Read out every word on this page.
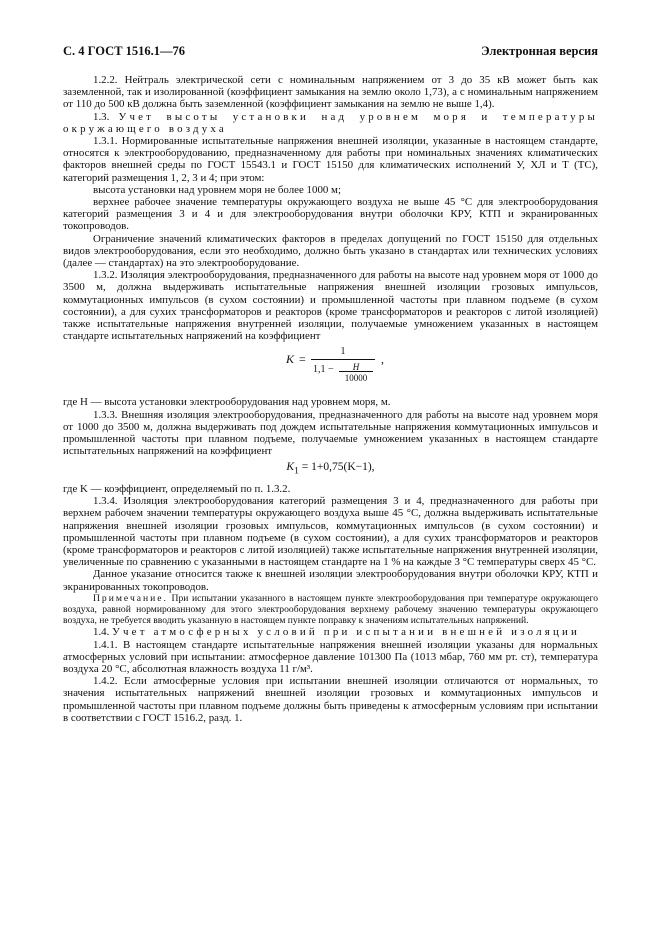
С. 4 ГОСТ 1516.1—76	Электронная версия

1.2.2. Нейтраль электрической сети с номинальным напряжением от 3 до 35 кВ может быть как заземленной, так и изолированной (коэффициент замыкания на землю около 1,73), а с номинальным напряжением от 110 до 500 кВ должна быть заземленной (коэффициент замыкания на землю не выше 1,4).

1.3. Учет высоты установки над уровнем моря и температуры окружающего воздуха

1.3.1. Нормированные испытательные напряжения внешней изоляции, указанные в настоящем стандарте, относятся к электрооборудованию, предназначенному для работы при номинальных значениях климатических факторов внешней среды по ГОСТ 15543.1 и ГОСТ 15150 для климатических исполнений У, ХЛ и Т (ТС), категорий размещения 1, 2, 3 и 4; при этом:

высота установки над уровнем моря не более 1000 м;

верхнее рабочее значение температуры окружающего воздуха не выше 45 °С для электрооборудования категорий размещения 3 и 4 и для электрооборудования внутри оболочки КРУ, КТП и экранированных токопроводов.

Ограничение значений климатических факторов в пределах допущений по ГОСТ 15150 для отдельных видов электрооборудования, если это необходимо, должно быть указано в стандартах или технических условиях (далее — стандартах) на это электрооборудование.

1.3.2. Изоляция электрооборудования, предназначенного для работы на высоте над уровнем моря от 1000 до 3500 м, должна выдерживать испытательные напряжения внешней изоляции грозовых импульсов, коммутационных импульсов (в сухом состоянии) и промышленной частоты при плавном подъеме (в сухом состоянии), а для сухих трансформаторов и реакторов (кроме трансформаторов и реакторов с литой изоляцией) также испытательные напряжения внутренней изоляции, получаемые умножением указанных в настоящем стандарте испытательных напряжений на коэффициент

K =
1
1,1 −	H
10000
,

где H — высота установки электрооборудования над уровнем моря, м.

1.3.3. Внешняя изоляция электрооборудования, предназначенного для работы на высоте над уровнем моря от 1000 до 3500 м, должна выдерживать под дождем испытательные напряжения коммутационных импульсов и промышленной частоты при плавном подъеме, получаемые умножением указанных в настоящем стандарте испытательных напряжений на коэффициент

$K_1 = 1+0,75(K-1)$,

где K — коэффициент, определяемый по п. 1.3.2.

1.3.4. Изоляция электрооборудования категорий размещения 3 и 4, предназначенного для работы при верхнем рабочем значении температуры окружающего воздуха выше 45 °С, должна выдерживать испытательные напряжения внешней изоляции грозовых импульсов, коммутационных импульсов (в сухом состоянии) и промышленной частоты при плавном подъеме (в сухом состоянии), а для сухих трансформаторов и реакторов (кроме трансформаторов и реакторов с литой изоляцией) также испытательные напряжения внутренней изоляции, увеличенные по сравнению с указанными в настоящем стандарте на 1 % на каждые 3 °С температуры сверх 45 °С.

Данное указание относится также к внешней изоляции электрооборудования внутри оболочки КРУ, КТП и экранированных токопроводов.

Примечание. При испытании указанного в настоящем пункте электрооборудования при температуре окружающего воздуха, равной нормированному для этого электрооборудования верхнему рабочему значению температуры окружающего воздуха, не требуется вводить указанную в настоящем пункте поправку к значениям испытательных напряжений.

1.4. Учет атмосферных условий при испытании внешней изоляции

1.4.1. В настоящем стандарте испытательные напряжения внешней изоляции указаны для нормальных атмосферных условий при испытании: атмосферное давление 101300 Па (1013 мбар, 760 мм рт. ст), температура воздуха 20 °С, абсолютная влажность воздуха 11 г/м³.

1.4.2. Если атмосферные условия при испытании внешней изоляции отличаются от нормальных, то значения испытательных напряжений внешней изоляции грозовых и коммутационных импульсов и промышленной частоты при плавном подъеме должны быть приведены к атмосферным условиям при испытании в соответствии с ГОСТ 1516.2, разд. 1.
